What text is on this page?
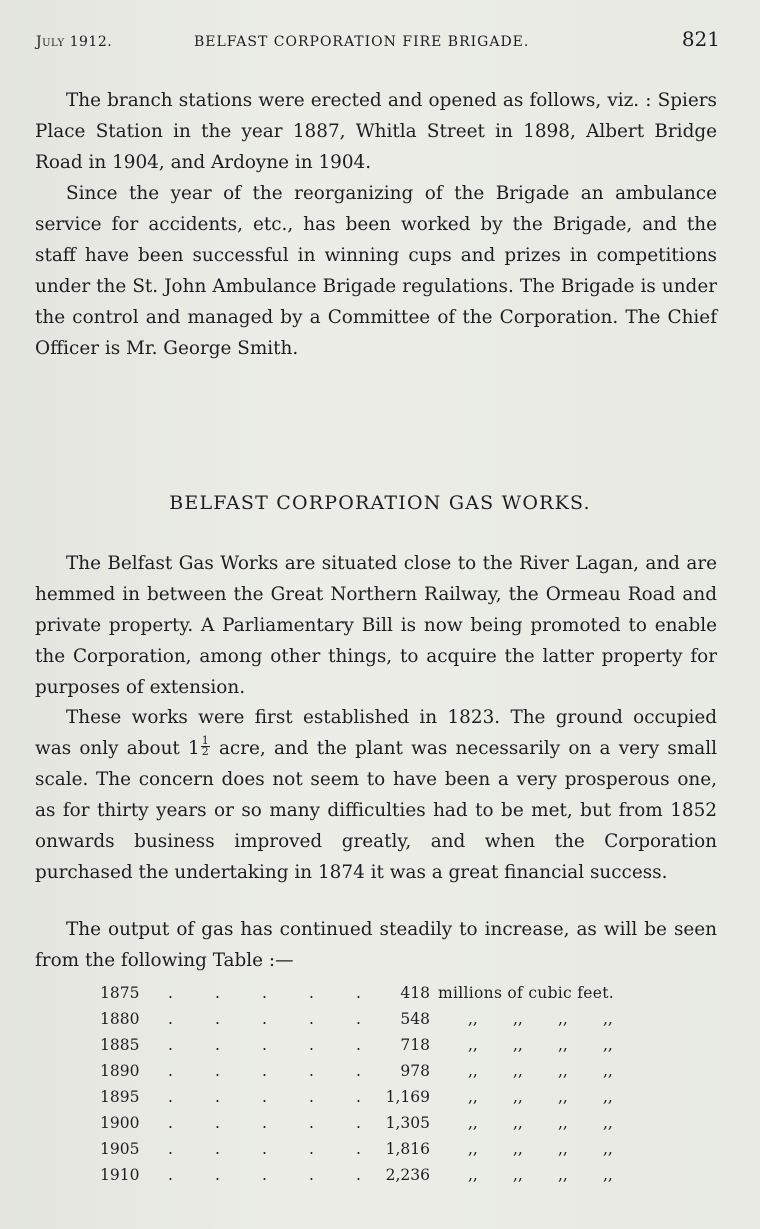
July 1912.	BELFAST CORPORATION FIRE BRIGADE.	821

The branch stations were erected and opened as follows, viz. : Spiers Place Station in the year 1887, Whitla Street in 1898, Albert Bridge Road in 1904, and Ardoyne in 1904.

Since the year of the reorganizing of the Brigade an ambulance service for accidents, etc., has been worked by the Brigade, and the staff have been successful in winning cups and prizes in competitions under the St. John Ambulance Brigade regulations. The Brigade is under the control and managed by a Committee of the Corporation. The Chief Officer is Mr. George Smith.

BELFAST CORPORATION GAS WORKS.

The Belfast Gas Works are situated close to the River Lagan, and are hemmed in between the Great Northern Railway, the Ormeau Road and private property. A Parliamentary Bill is now being promoted to enable the Corporation, among other things, to acquire the latter property for purposes of extension.

These works were first established in 1823. The ground occupied was only about $1 \frac{1}{2}$ acre, and the plant was necessarily on a very small scale. The concern does not seem to have been a very prosperous one, as for thirty years or so many difficulties had to be met, but from 1852 onwards business improved greatly, and when the Corporation purchased the undertaking in 1874 it was a great financial success.

The output of gas has continued steadily to increase, as will be seen from the following Table :—

1875 .	.	.	.	.	418 millions of cubic feet.
1880 .	.	.	.	.	548 ,, ,, ,, ,,
1885 .	.	.	.	.	718 ,, ,, ,, ,,
1890 .	.	.	.	.	978 ,, ,, ,, ,,
1895 .	.	.	.	.	1,169 ,, ,, ,, ,,
1900 .	.	.	.	.	1,305 ,, ,, ,, ,,
1905 .	.	.	.	.	1,816 ,, ,, ,, ,,
1910 .	.	.	.	.	2,236 ,, ,, ,, ,,
